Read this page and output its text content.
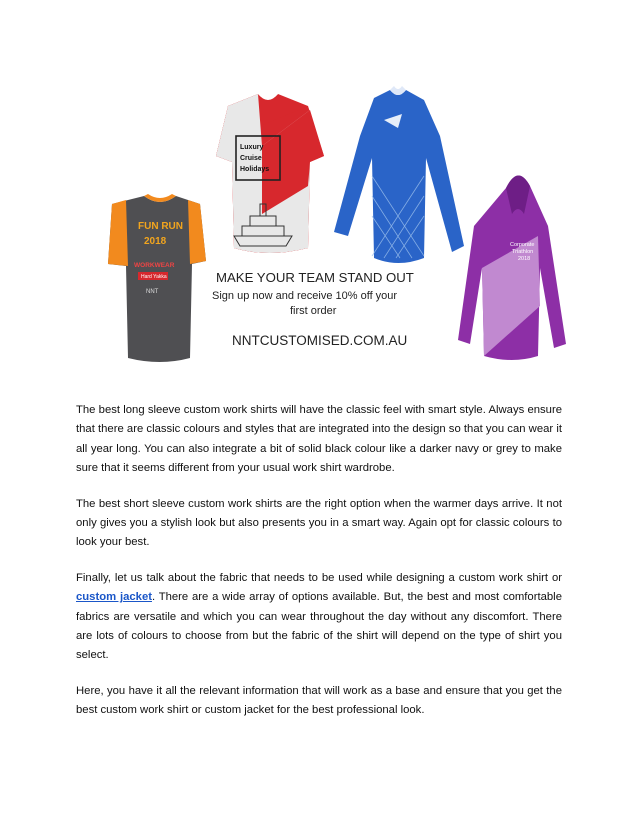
FUN RUN
2018
WORKWEAR
Hard Yakka
NNT
Luxury
Cruise
Holidays
Corporate
Triathlon
2018
MAKE YOUR TEAM STAND OUT
Sign up now and receive 10% off your
first order
NNTCUSTOMISED.COM.AU

The best long sleeve custom work shirts will have the classic feel with smart style. Always ensure that there are classic colours and styles that are integrated into the design so that you can wear it all year long. You can also integrate a bit of solid black colour like a darker navy or grey to make sure that it seems different from your usual work shirt wardrobe.

The best short sleeve custom work shirts are the right option when the warmer days arrive. It not only gives you a stylish look but also presents you in a smart way. Again opt for classic colours to look your best.

Finally, let us talk about the fabric that needs to be used while designing a custom work shirt or custom jacket. There are a wide array of options available. But, the best and most comfortable fabrics are versatile and which you can wear throughout the day without any discomfort. There are lots of colours to choose from but the fabric of the shirt will depend on the type of shirt you select.

Here, you have it all the relevant information that will work as a base and ensure that you get the best custom work shirt or custom jacket for the best professional look.
